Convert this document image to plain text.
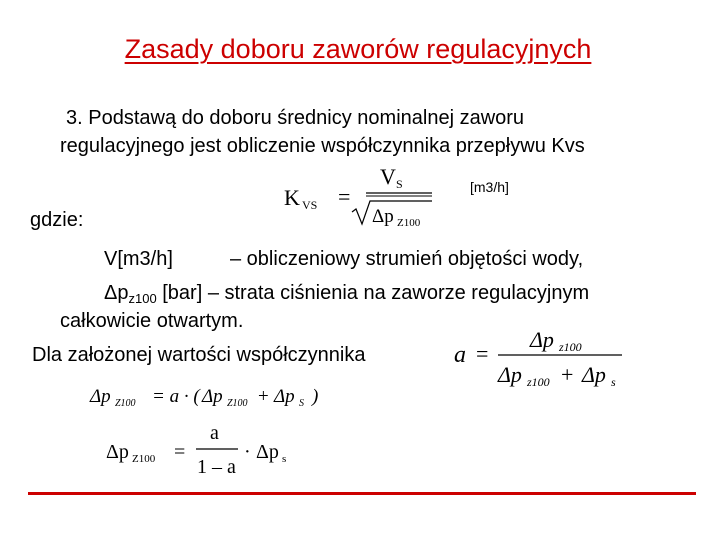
Zasady doboru zaworów regulacyjnych
3. Podstawą do doboru średnicy nominalnej zaworu
regulacyjnego jest obliczenie współczynnika przepływu Kvs
K VS =
V S
Δp Z100
[m3/h]
gdzie:
V[m3/h]	– obliczeniowy strumień objętości wody,
$\Delta p_{z100}$ [bar] – strata ciśnienia na zaworze regulacyjnym
całkowicie otwartym.
Dla założonej wartości współczynnika	a =
Δp z100
Δp z100 + Δp s
Δp Z100 = a · ( Δp Z100 + Δp S )
Δp Z100 =
a
1 – a
· Δp s
